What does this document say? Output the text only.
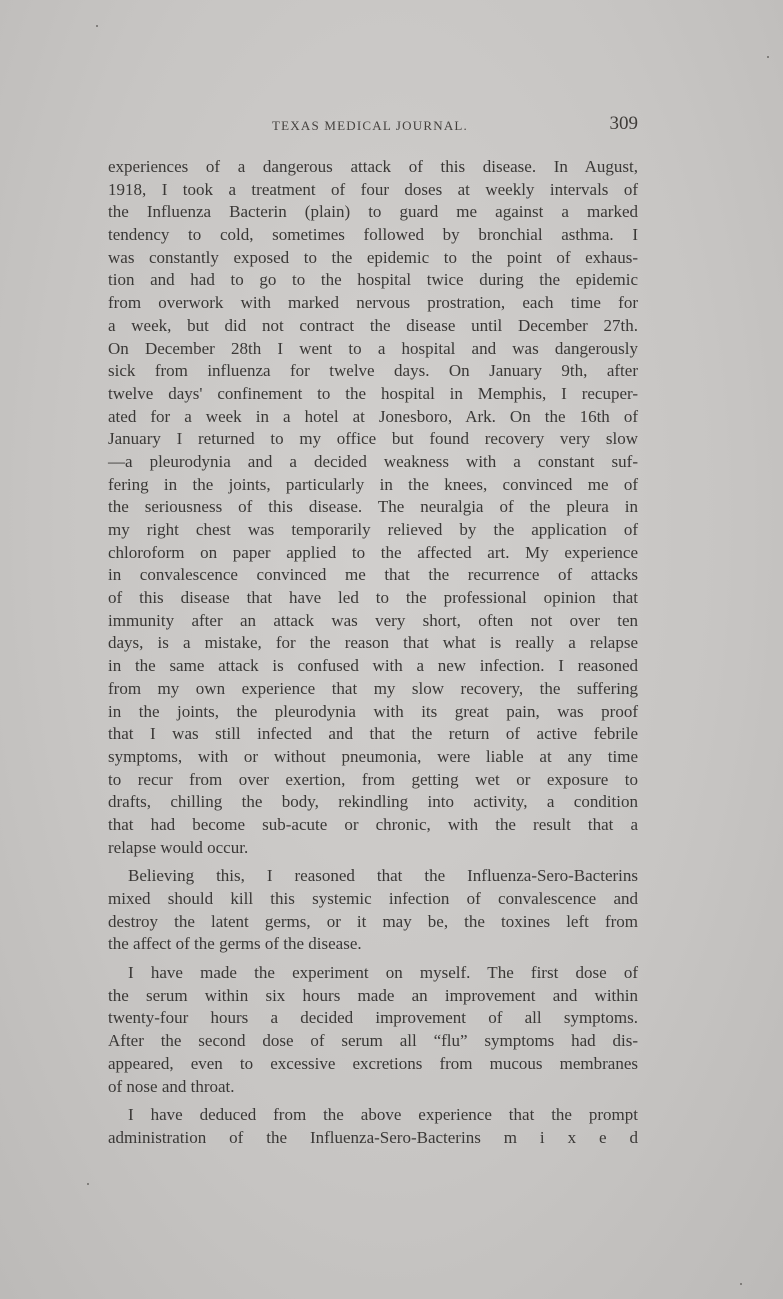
TEXAS MEDICAL JOURNAL.	309
experiences of a dangerous attack of this disease. In August,
1918, I took a treatment of four doses at weekly intervals of
the Influenza Bacterin (plain) to guard me against a marked
tendency to cold, sometimes followed by bronchial asthma. I
was constantly exposed to the epidemic to the point of exhaus-
tion and had to go to the hospital twice during the epidemic
from overwork with marked nervous prostration, each time for
a week, but did not contract the disease until December 27th.
On December 28th I went to a hospital and was dangerously
sick from influenza for twelve days. On January 9th, after
twelve days' confinement to the hospital in Memphis, I recuper-
ated for a week in a hotel at Jonesboro, Ark. On the 16th of
January I returned to my office but found recovery very slow
—a pleurodynia and a decided weakness with a constant suf-
fering in the joints, particularly in the knees, convinced me of
the seriousness of this disease. The neuralgia of the pleura in
my right chest was temporarily relieved by the application of
chloroform on paper applied to the affected art. My experience
in convalescence convinced me that the recurrence of attacks
of this disease that have led to the professional opinion that
immunity after an attack was very short, often not over ten
days, is a mistake, for the reason that what is really a relapse
in the same attack is confused with a new infection. I reasoned
from my own experience that my slow recovery, the suffering
in the joints, the pleurodynia with its great pain, was proof
that I was still infected and that the return of active febrile
symptoms, with or without pneumonia, were liable at any time
to recur from over exertion, from getting wet or exposure to
drafts, chilling the body, rekindling into activity, a condition
that had become sub-acute or chronic, with the result that a
relapse would occur.
Believing this, I reasoned that the Influenza-Sero-Bacterins
mixed should kill this systemic infection of convalescence and
destroy the latent germs, or it may be, the toxines left from
the affect of the germs of the disease.
I have made the experiment on myself. The first dose of
the serum within six hours made an improvement and within
twenty-four hours a decided improvement of all symptoms.
After the second dose of serum all “flu” symptoms had dis-
appeared, even to excessive excretions from mucous membranes
of nose and throat.
I have deduced from the above experience that the prompt
administration of the Influenza-Sero-Bacterins m i x e d
